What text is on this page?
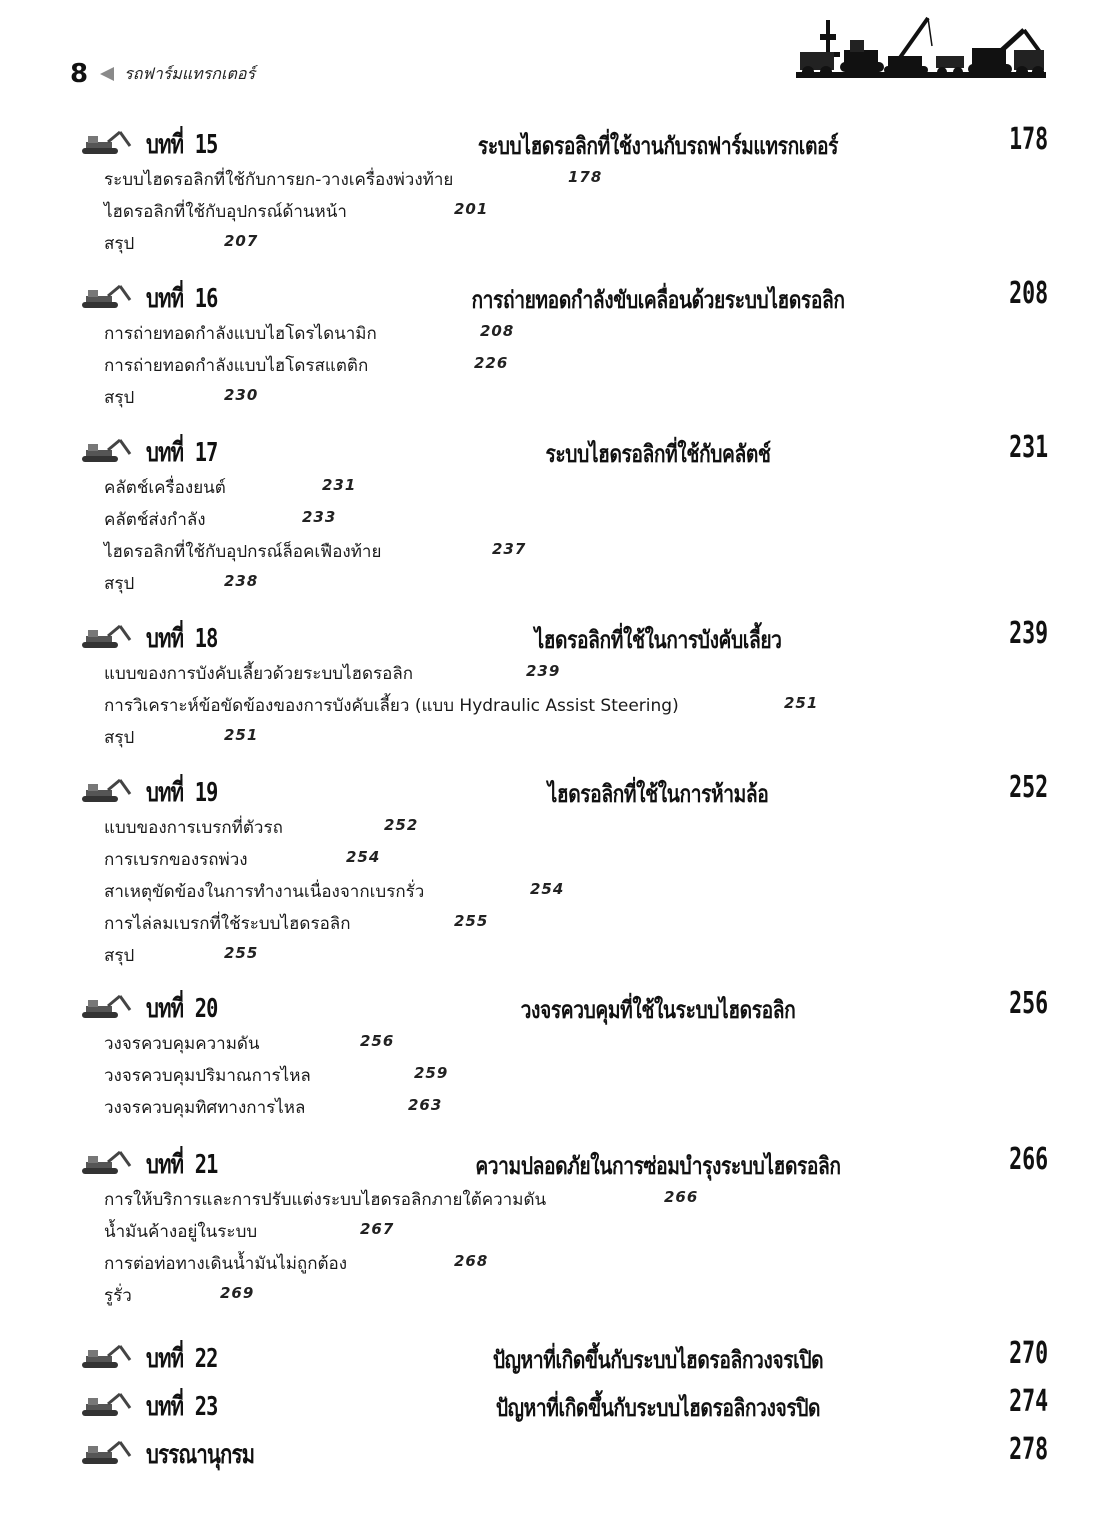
8 รถฟาร์มแทรกเตอร์
บทที่ 15	ระบบไฮดรอลิกที่ใช้งานกับรถฟาร์มแทรกเตอร์	178
ระบบไฮดรอลิกที่ใช้กับการยก-วางเครื่องพ่วงท้าย	178
ไฮดรอลิกที่ใช้กับอุปกรณ์ด้านหน้า	201
สรุป	207
บทที่ 16	การถ่ายทอดกำลังขับเคลื่อนด้วยระบบไฮดรอลิก	208
การถ่ายทอดกำลังแบบไฮโดรไดนามิก	208
การถ่ายทอดกำลังแบบไฮโดรสแตติก	226
สรุป	230
บทที่ 17	ระบบไฮดรอลิกที่ใช้กับคลัตช์	231
คลัตช์เครื่องยนต์	231
คลัตช์ส่งกำลัง	233
ไฮดรอลิกที่ใช้กับอุปกรณ์ล็อคเฟืองท้าย	237
สรุป	238
บทที่ 18	ไฮดรอลิกที่ใช้ในการบังคับเลี้ยว	239
แบบของการบังคับเลี้ยวด้วยระบบไฮดรอลิก	239
การวิเคราะห์ข้อขัดข้องของการบังคับเลี้ยว (แบบ Hydraulic Assist Steering)	251
สรุป	251
บทที่ 19	ไฮดรอลิกที่ใช้ในการห้ามล้อ	252
แบบของการเบรกที่ตัวรถ	252
การเบรกของรถพ่วง	254
สาเหตุขัดข้องในการทำงานเนื่องจากเบรกรั่ว	254
การไล่ลมเบรกที่ใช้ระบบไฮดรอลิก	255
สรุป	255
บทที่ 20	วงจรควบคุมที่ใช้ในระบบไฮดรอลิก	256
วงจรควบคุมความดัน	256
วงจรควบคุมปริมาณการไหล	259
วงจรควบคุมทิศทางการไหล	263
บทที่ 21	ความปลอดภัยในการซ่อมบำรุงระบบไฮดรอลิก	266
การให้บริการและการปรับแต่งระบบไฮดรอลิกภายใต้ความดัน	266
น้ำมันค้างอยู่ในระบบ	267
การต่อท่อทางเดินน้ำมันไม่ถูกต้อง	268
รูรั่ว	269
บทที่ 22	ปัญหาที่เกิดขึ้นกับระบบไฮดรอลิกวงจรเปิด	270
บทที่ 23	ปัญหาที่เกิดขึ้นกับระบบไฮดรอลิกวงจรปิด	274
บรรณานุกรม	278
